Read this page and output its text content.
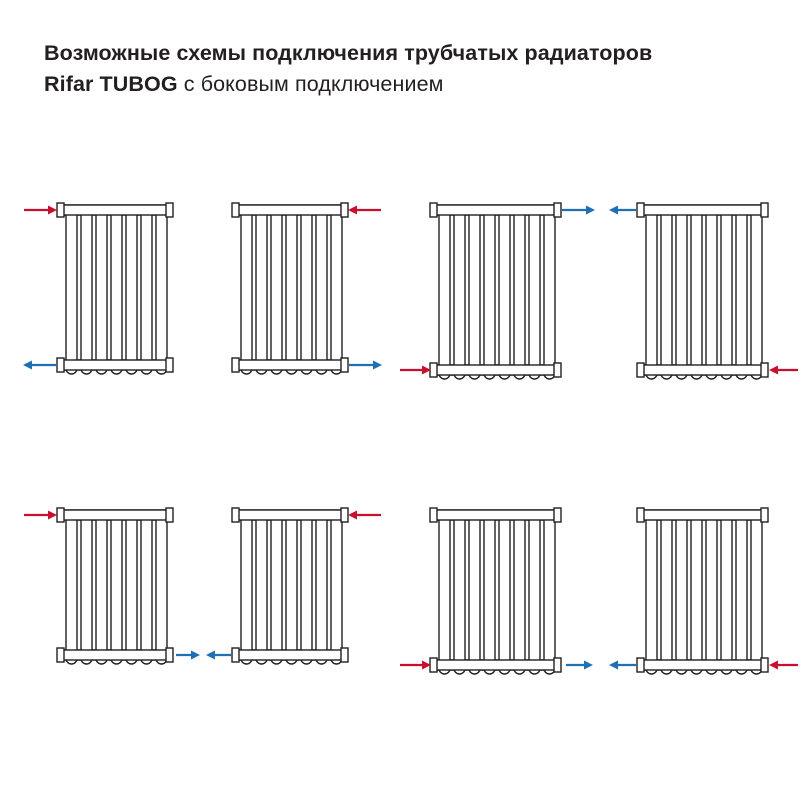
Возможные схемы подключения трубчатых радиаторов
Rifar TUBOG с боковым подключением
